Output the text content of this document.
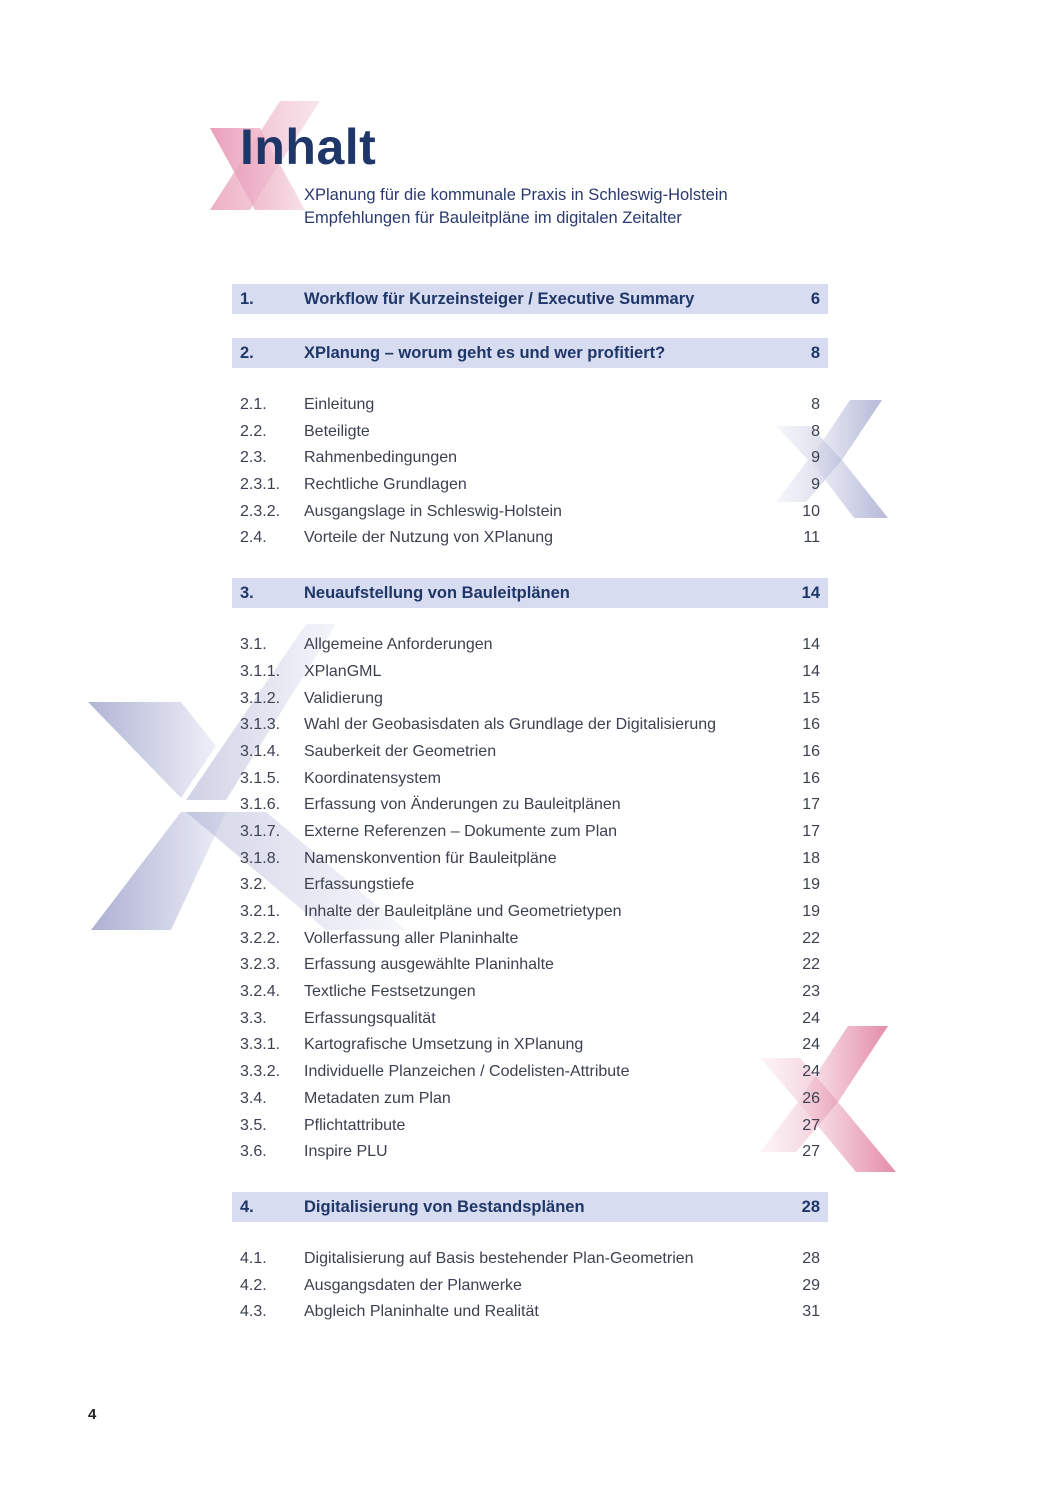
Inhalt
XPlanung für die kommunale Praxis in Schleswig-Holstein
Empfehlungen für Bauleitpläne im digitalen Zeitalter
1.	Workflow für Kurzeinsteiger / Executive Summary	6
2.	XPlanung – worum geht es und wer profitiert?	8
2.1. Einleitung	8
2.2. Beteiligte	8
2.3. Rahmenbedingungen	9
2.3.1. Rechtliche Grundlagen	9
2.3.2. Ausgangslage in Schleswig-Holstein	10
2.4. Vorteile der Nutzung von XPlanung	11
3.	Neuaufstellung von Bauleitplänen	14
3.1. Allgemeine Anforderungen	14
3.1.1. XPlanGML	14
3.1.2. Validierung	15
3.1.3. Wahl der Geobasisdaten als Grundlage der Digitalisierung	16
3.1.4. Sauberkeit der Geometrien	16
3.1.5. Koordinatensystem	16
3.1.6. Erfassung von Änderungen zu Bauleitplänen	17
3.1.7. Externe Referenzen – Dokumente zum Plan	17
3.1.8. Namenskonvention für Bauleitpläne	18
3.2. Erfassungstiefe	19
3.2.1. Inhalte der Bauleitpläne und Geometrietypen	19
3.2.2. Vollerfassung aller Planinhalte	22
3.2.3. Erfassung ausgewählte Planinhalte	22
3.2.4. Textliche Festsetzungen	23
3.3. Erfassungsqualität	24
3.3.1. Kartografische Umsetzung in XPlanung	24
3.3.2. Individuelle Planzeichen / Codelisten-Attribute	24
3.4. Metadaten zum Plan	26
3.5. Pflichtattribute	27
3.6. Inspire PLU	27
4.	Digitalisierung von Bestandsplänen	28
4.1. Digitalisierung auf Basis bestehender Plan-Geometrien	28
4.2. Ausgangsdaten der Planwerke	29
4.3. Abgleich Planinhalte und Realität	31
4
